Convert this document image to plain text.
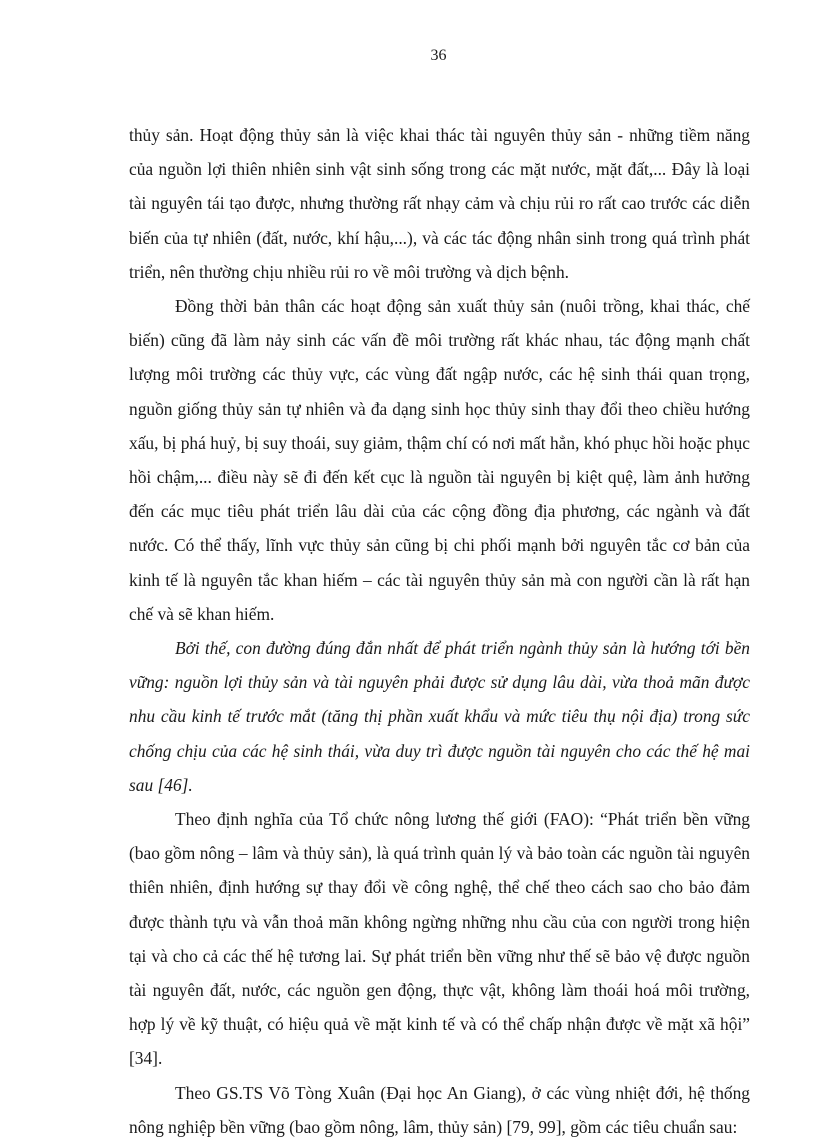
36

thủy sản. Hoạt động thủy sản là việc khai thác tài nguyên thủy sản - những tiềm năng của nguồn lợi thiên nhiên sinh vật sinh sống trong các mặt nước, mặt đất,... Đây là loại tài nguyên tái tạo được, nhưng thường rất nhạy cảm và chịu rủi ro rất cao trước các diễn biến của tự nhiên (đất, nước, khí hậu,...), và các tác động nhân sinh trong quá trình phát triển, nên thường chịu nhiều rủi ro về môi trường và dịch bệnh.

Đồng thời bản thân các hoạt động sản xuất thủy sản (nuôi trồng, khai thác, chế biến) cũng đã làm nảy sinh các vấn đề môi trường rất khác nhau, tác động mạnh chất lượng môi trường các thủy vực, các vùng đất ngập nước, các hệ sinh thái quan trọng, nguồn giống thủy sản tự nhiên và đa dạng sinh học thủy sinh thay đổi theo chiều hướng xấu, bị phá huỷ, bị suy thoái, suy giảm, thậm chí có nơi mất hẳn, khó phục hồi hoặc phục hồi chậm,... điều này sẽ đi đến kết cục là nguồn tài nguyên bị kiệt quệ, làm ảnh hưởng đến các mục tiêu phát triển lâu dài của các cộng đồng địa phương, các ngành và đất nước. Có thể thấy, lĩnh vực thủy sản cũng bị chi phối mạnh bởi nguyên tắc cơ bản của kinh tế là nguyên tắc khan hiếm – các tài nguyên thủy sản mà con người cần là rất hạn chế và sẽ khan hiếm.

Bởi thế, con đường đúng đắn nhất để phát triển ngành thủy sản là hướng tới bền vững: nguồn lợi thủy sản và tài nguyên phải được sử dụng lâu dài, vừa thoả mãn được nhu cầu kinh tế trước mắt (tăng thị phần xuất khẩu và mức tiêu thụ nội địa) trong sức chống chịu của các hệ sinh thái, vừa duy trì được nguồn tài nguyên cho các thế hệ mai sau [46].

Theo định nghĩa của Tổ chức nông lương thế giới (FAO): “Phát triển bền vững (bao gồm nông – lâm và thủy sản), là quá trình quản lý và bảo toàn các nguồn tài nguyên thiên nhiên, định hướng sự thay đổi về công nghệ, thể chế theo cách sao cho bảo đảm được thành tựu và vẫn thoả mãn không ngừng những nhu cầu của con người trong hiện tại và cho cả các thế hệ tương lai. Sự phát triển bền vững như thế sẽ bảo vệ được nguồn tài nguyên đất, nước, các nguồn gen động, thực vật, không làm thoái hoá môi trường, hợp lý về kỹ thuật, có hiệu quả về mặt kinh tế và có thể chấp nhận được về mặt xã hội” [34].

Theo GS.TS Võ Tòng Xuân (Đại học An Giang), ở các vùng nhiệt đới, hệ thống nông nghiệp bền vững (bao gồm nông, lâm, thủy sản) [79, 99], gồm các tiêu chuẩn sau:
